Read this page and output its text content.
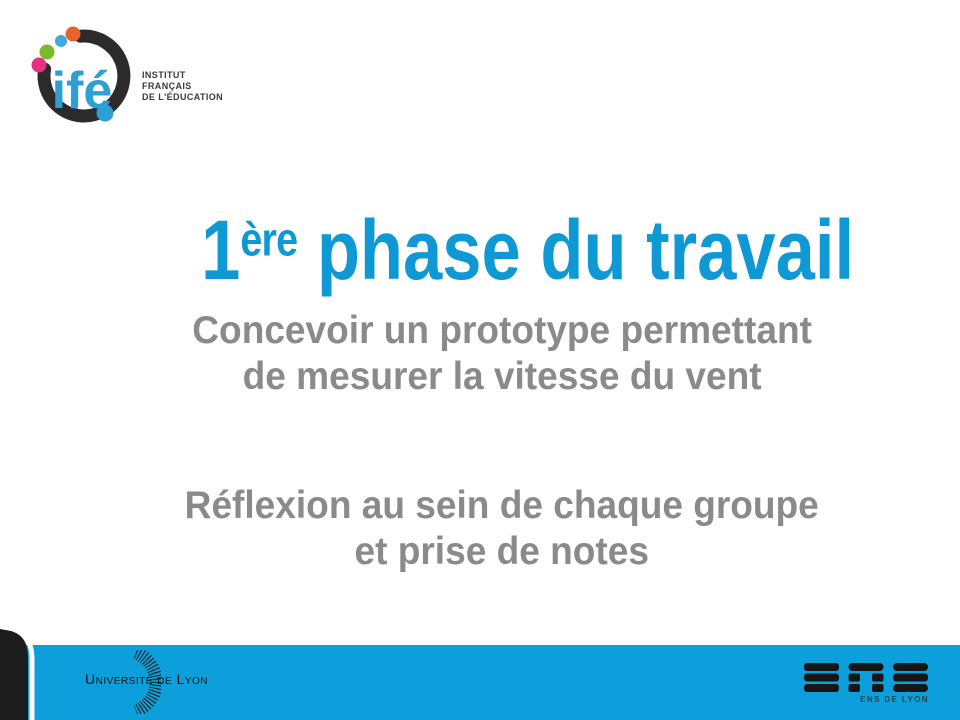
ifé	INSTITUT
FRANÇAIS
DE L'ÉDUCATION
1ère phase du travail
Concevoir un prototype permettant
de mesurer la vitesse du vent
Réflexion au sein de chaque groupe
et prise de notes
Université de Lyon
ENS DE LYON
